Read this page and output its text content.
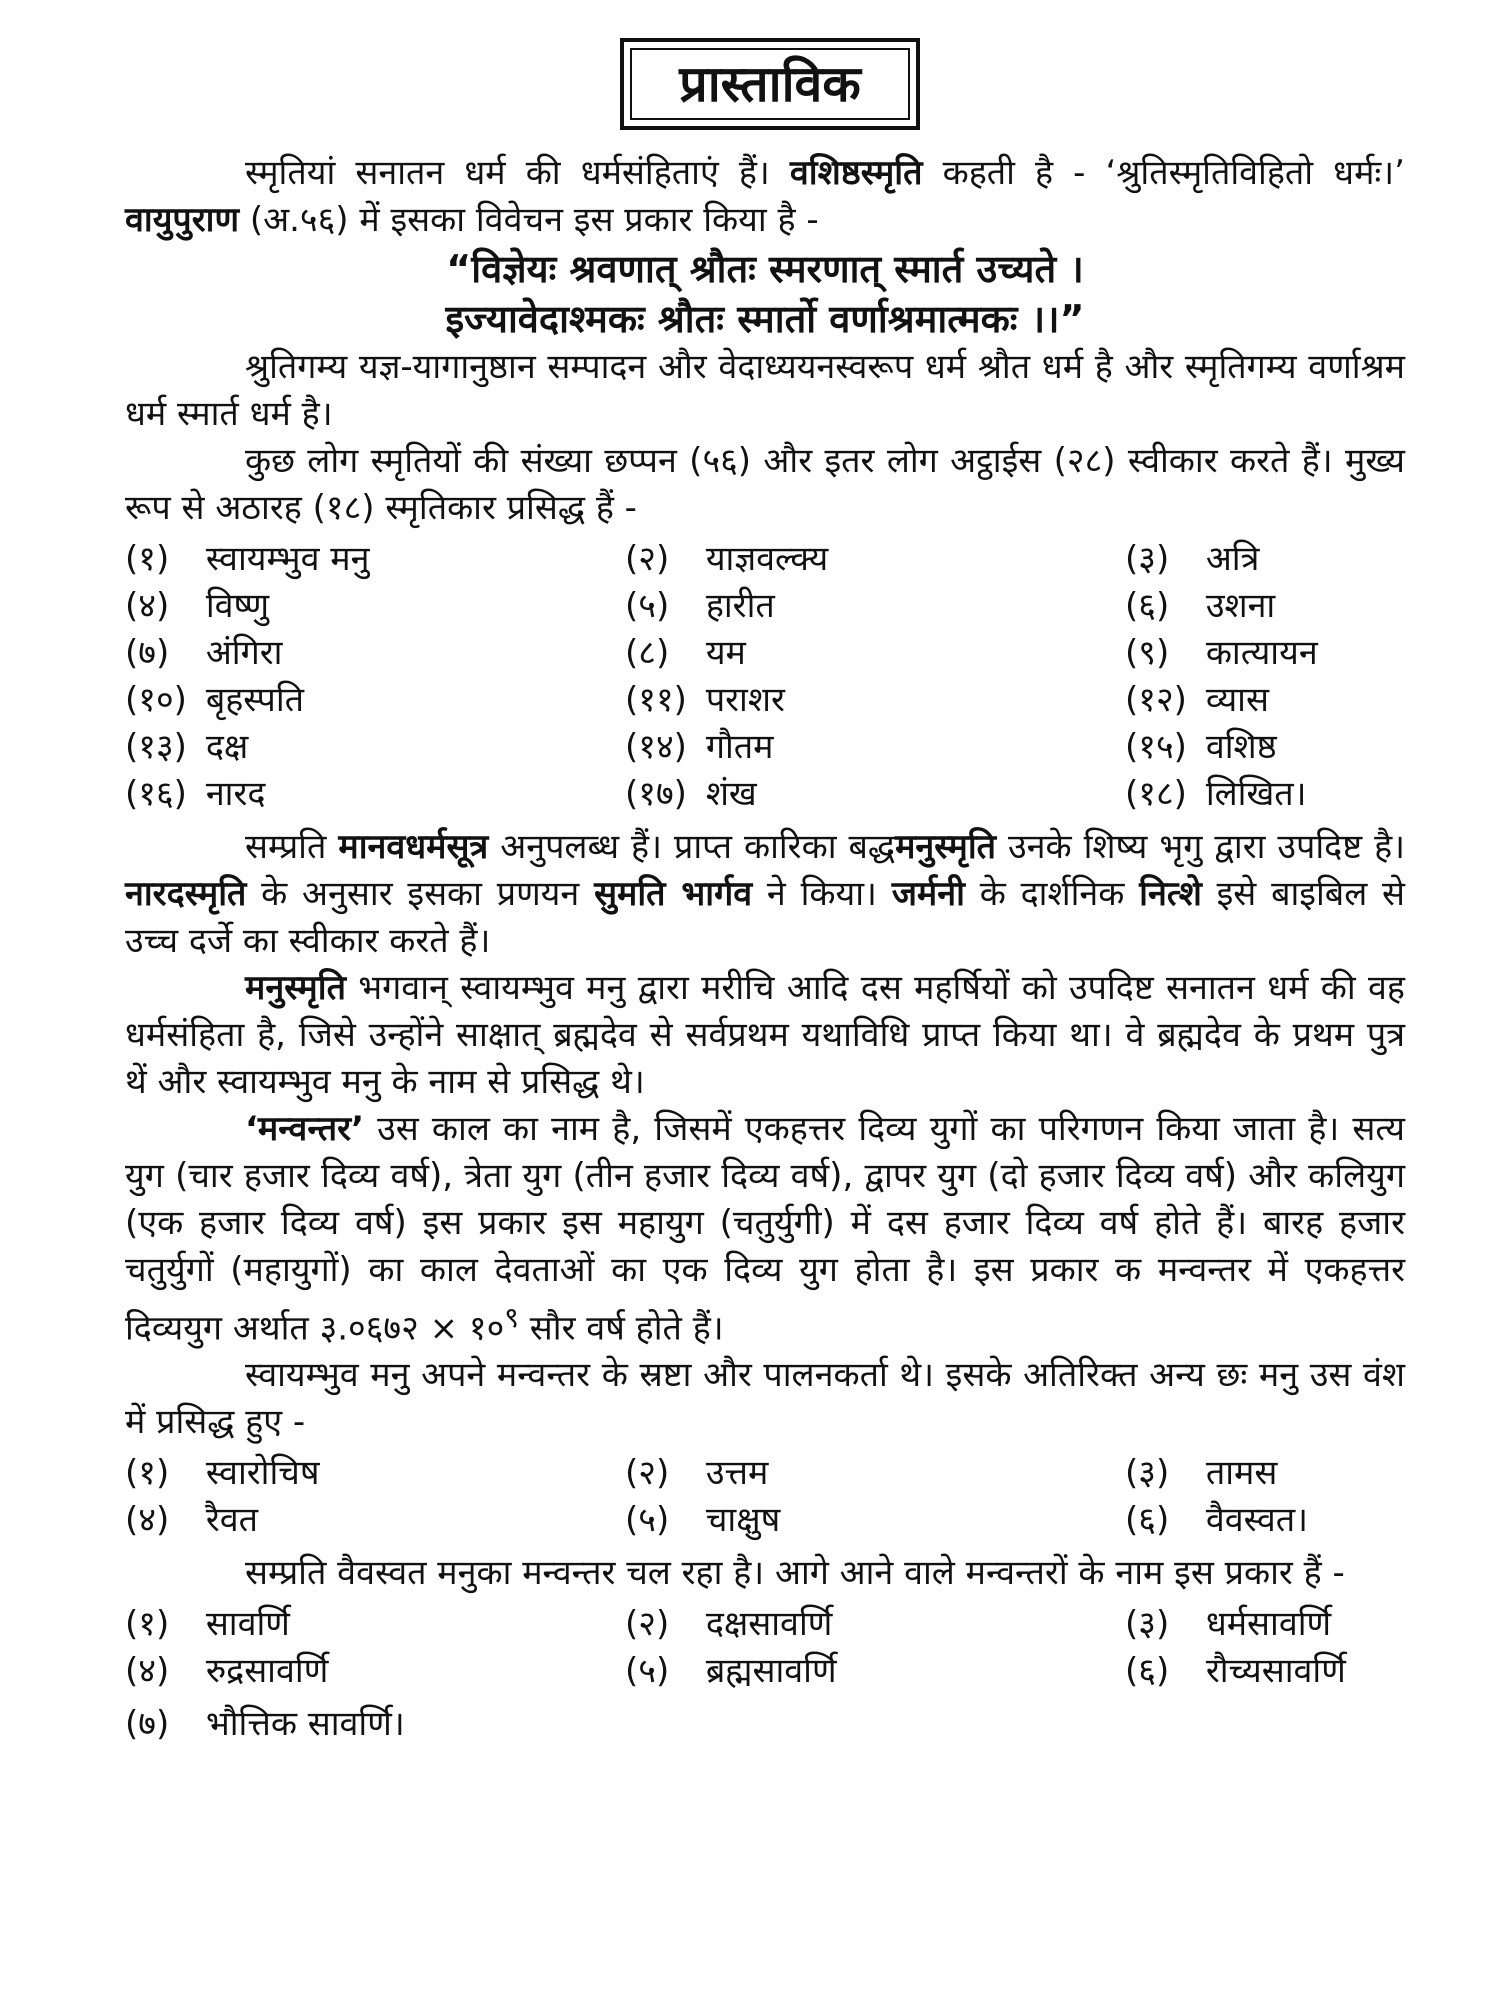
प्रास्ताविक

स्मृतियां सनातन धर्म की धर्मसंहिताएं हैं। वशिष्ठस्मृति कहती है - ‘श्रुतिस्मृतिविहितो धर्मः।’ वायुपुराण (अ.५६) में इसका विवेचन इस प्रकार किया है -

“विज्ञेयः श्रवणात् श्रौतः स्मरणात् स्मार्त उच्यते ।

इज्यावेदाश्मकः श्रौतः स्मार्तो वर्णाश्रमात्मकः ।।”

श्रुतिगम्य यज्ञ-यागानुष्ठान सम्पादन और वेदाध्ययनस्वरूप धर्म श्रौत धर्म है और स्मृतिगम्य वर्णाश्रम धर्म स्मार्त धर्म है।

कुछ लोग स्मृतियों की संख्या छप्पन (५६) और इतर लोग अट्ठाईस (२८) स्वीकार करते हैं। मुख्य रूप से अठारह (१८) स्मृतिकार प्रसिद्ध हैं -

(१) स्वायम्भुव मनु	(२) याज्ञवल्क्य	(३) अत्रि
(४) विष्णु	(५) हारीत	(६) उशना
(७) अंगिरा	(८) यम	(९) कात्यायन
(१०) बृहस्पति	(११) पराशर	(१२) व्यास
(१३) दक्ष	(१४) गौतम	(१५) वशिष्ठ
(१६) नारद	(१७) शंख	(१८) लिखित।

सम्प्रति मानवधर्मसूत्र अनुपलब्ध हैं। प्राप्त कारिका बद्धमनुस्मृति उनके शिष्य भृगु द्वारा उपदिष्ट है। नारदस्मृति के अनुसार इसका प्रणयन सुमति भार्गव ने किया। जर्मनी के दार्शनिक नित्शे इसे बाइबिल से उच्च दर्जे का स्वीकार करते हैं।

मनुस्मृति भगवान् स्वायम्भुव मनु द्वारा मरीचि आदि दस महर्षियों को उपदिष्ट सनातन धर्म की वह धर्मसंहिता है, जिसे उन्होंने साक्षात् ब्रह्मदेव से सर्वप्रथम यथाविधि प्राप्त किया था। वे ब्रह्मदेव के प्रथम पुत्र थें और स्वायम्भुव मनु के नाम से प्रसिद्ध थे।

‘मन्वन्तर’ उस काल का नाम है, जिसमें एकहत्तर दिव्य युगों का परिगणन किया जाता है। सत्य युग (चार हजार दिव्य वर्ष), त्रेता युग (तीन हजार दिव्य वर्ष), द्वापर युग (दो हजार दिव्य वर्ष) और कलियुग (एक हजार दिव्य वर्ष) इस प्रकार इस महायुग (चतुर्युगी) में दस हजार दिव्य वर्ष होते हैं। बारह हजार चतुर्युगों (महायुगों) का काल देवताओं का एक दिव्य युग होता है। इस प्रकार क मन्वन्तर में एकहत्तर दिव्ययुग अर्थात ३.०६७२ × $१०^९$ सौर वर्ष होते हैं।

स्वायम्भुव मनु अपने मन्वन्तर के स्रष्टा और पालनकर्ता थे। इसके अतिरिक्त अन्य छः मनु उस वंश में प्रसिद्ध हुए -

(१) स्वारोचिष	(२) उत्तम	(३) तामस
(४) रैवत	(५) चाक्षुष	(६) वैवस्वत।

सम्प्रति वैवस्वत मनुका मन्वन्तर चल रहा है। आगे आने वाले मन्वन्तरों के नाम इस प्रकार हैं -

(१) सावर्णि	(२) दक्षसावर्णि	(३) धर्मसावर्णि
(४) रुद्रसावर्णि	(५) ब्रह्मसावर्णि	(६) रौच्यसावर्णि
(७) भौत्तिक सावर्णि।
